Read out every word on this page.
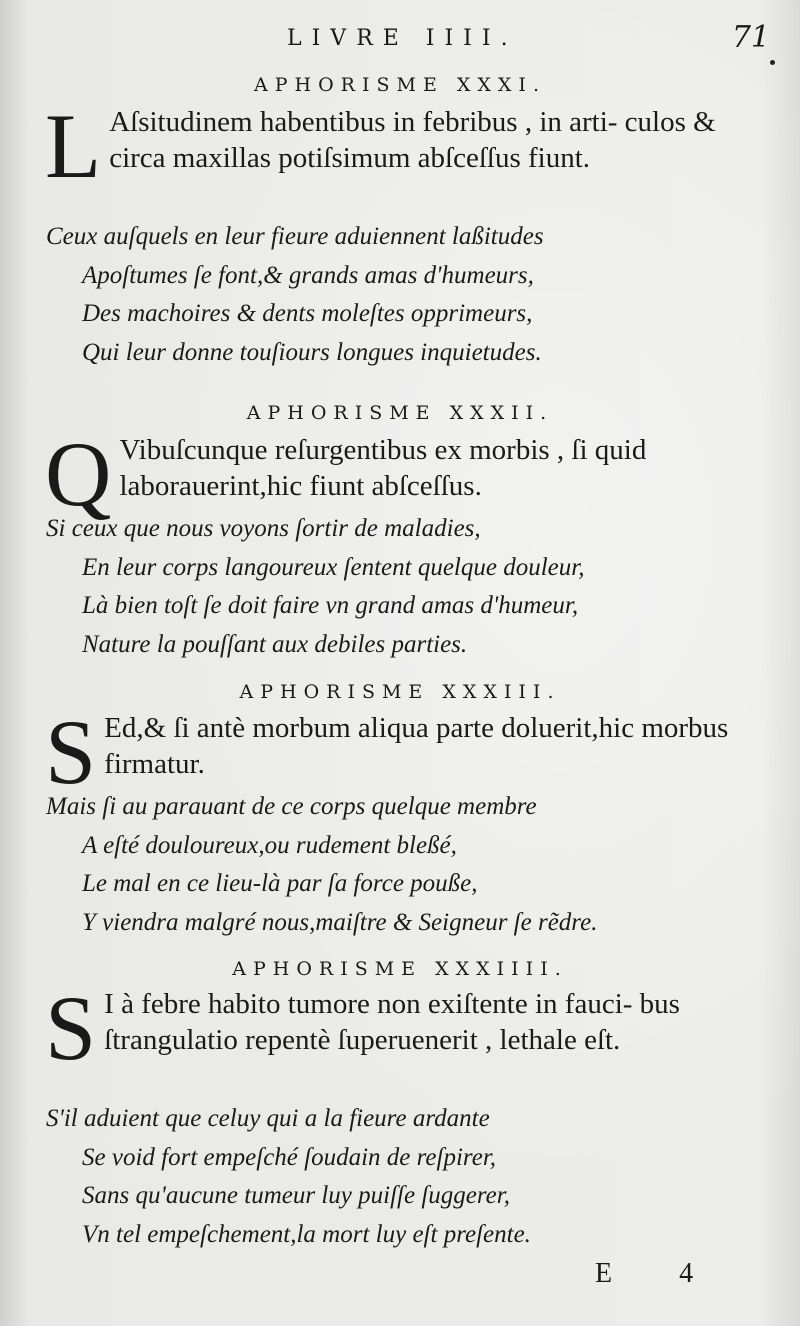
LIVRE IIII.	71
APHORISME XXXI.
L Aſsitudinem habentibus in febribus , in arti- culos & circa maxillas potiſsimum abſceſſus fiunt.
Ceux auſquels en leur fieure aduiennent laßitudes
Apoſtumes ſe font,& grands amas d'humeurs,
Des machoires & dents moleſtes opprimeurs,
Qui leur donne touſiours longues inquietudes.
APHORISME XXXII.
Q Vibuſcunque reſurgentibus ex morbis , ſi quid laborauerint,hic fiunt abſceſſus.
Si ceux que nous voyons ſortir de maladies,
En leur corps langoureux ſentent quelque douleur,
Là bien toſt ſe doit faire vn grand amas d'humeur,
Nature la pouſſant aux debiles parties.
APHORISME XXXIII.
S Ed,& ſi antè morbum aliqua parte doluerit,hic morbus firmatur.
Mais ſi au parauant de ce corps quelque membre
A eſté douloureux,ou rudement bleßé,
Le mal en ce lieu-là par ſa force pouße,
Y viendra malgré nous,maiſtre & Seigneur ſe rẽdre.
APHORISME XXXIIII.
S I à febre habito tumore non exiſtente in fauci- bus ſtrangulatio repentè ſuperuenerit , lethale eſt.
S'il aduient que celuy qui a la fieure ardante
Se void fort empeſché ſoudain de reſpirer,
Sans qu'aucune tumeur luy puiſſe ſuggerer,
Vn tel empeſchement,la mort luy eſt preſente.
E 4
